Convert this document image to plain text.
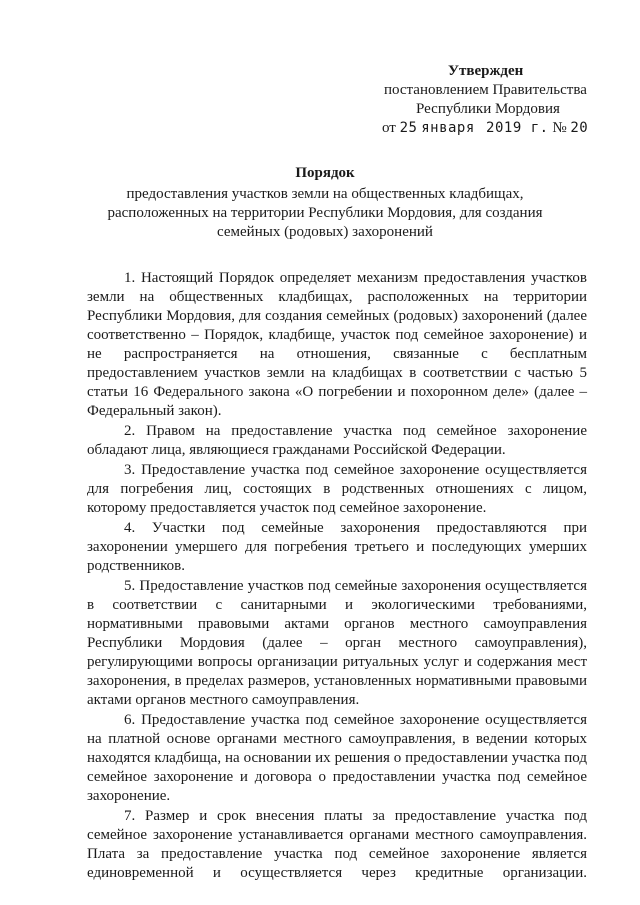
Утвержден
постановлением Правительства
Республики Мордовия
от 25 января 2019 г. № 20
Порядок
предоставления участков земли на общественных кладбищах, расположенных на территории Республики Мордовия, для создания семейных (родовых) захоронений

1. Настоящий Порядок определяет механизм предоставления участков земли на общественных кладбищах, расположенных на территории Республики Мордовия, для создания семейных (родовых) захоронений (далее соответственно – Порядок, кладбище, участок под семейное захоронение) и не распространяется на отношения, связанные с бесплатным предоставлением участков земли на кладбищах в соответствии с частью 5 статьи 16 Федерального закона «О погребении и похоронном деле» (далее – Федеральный закон).

2. Правом на предоставление участка под семейное захоронение обладают лица, являющиеся гражданами Российской Федерации.

3. Предоставление участка под семейное захоронение осуществляется для погребения лиц, состоящих в родственных отношениях с лицом, которому предоставляется участок под семейное захоронение.

4. Участки под семейные захоронения предоставляются при захоронении умершего для погребения третьего и последующих умерших родственников.

5. Предоставление участков под семейные захоронения осуществляется в соответствии с санитарными и экологическими требованиями, нормативными правовыми актами органов местного самоуправления Республики Мордовия (далее – орган местного самоуправления), регулирующими вопросы организации ритуальных услуг и содержания мест захоронения, в пределах размеров, установленных нормативными правовыми актами органов местного самоуправления.

6. Предоставление участка под семейное захоронение осуществляется на платной основе органами местного самоуправления, в ведении которых находятся кладбища, на основании их решения о предоставлении участка под семейное захоронение и договора о предоставлении участка под семейное захоронение.

7. Размер и срок внесения платы за предоставление участка под семейное захоронение устанавливается органами местного самоуправления. Плата за предоставление участка под семейное захоронение является единовременной и осуществляется через кредитные организации.
